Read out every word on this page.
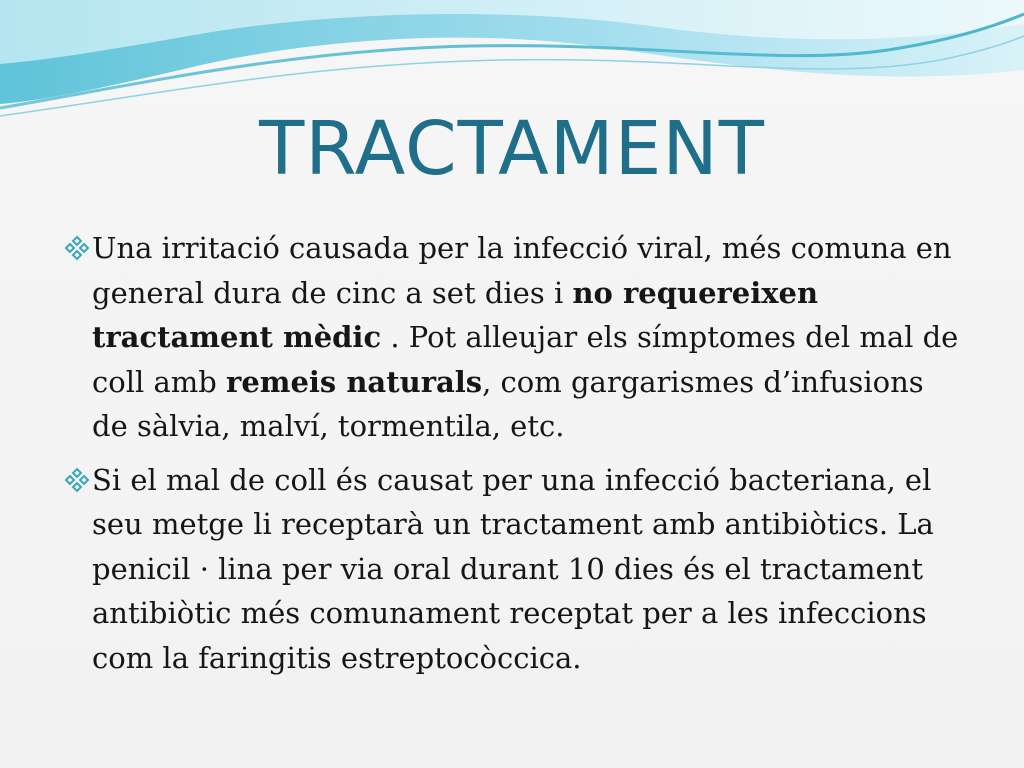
TRACTAMENT
Una irritació causada per la infecció viral, més comuna en general dura de cinc a set dies i no requereixen tractament mèdic . Pot alleujar els símptomes del mal de coll amb remeis naturals, com gargarismes d’infusions de sàlvia, malví, tormentila, etc.
Si el mal de coll és causat per una infecció bacteriana, el seu metge li receptarà un tractament amb antibiòtics. La penicil · lina per via oral durant 10 dies és el tractament antibiòtic més comunament receptat per a les infeccions com la faringitis estreptocòccica.
